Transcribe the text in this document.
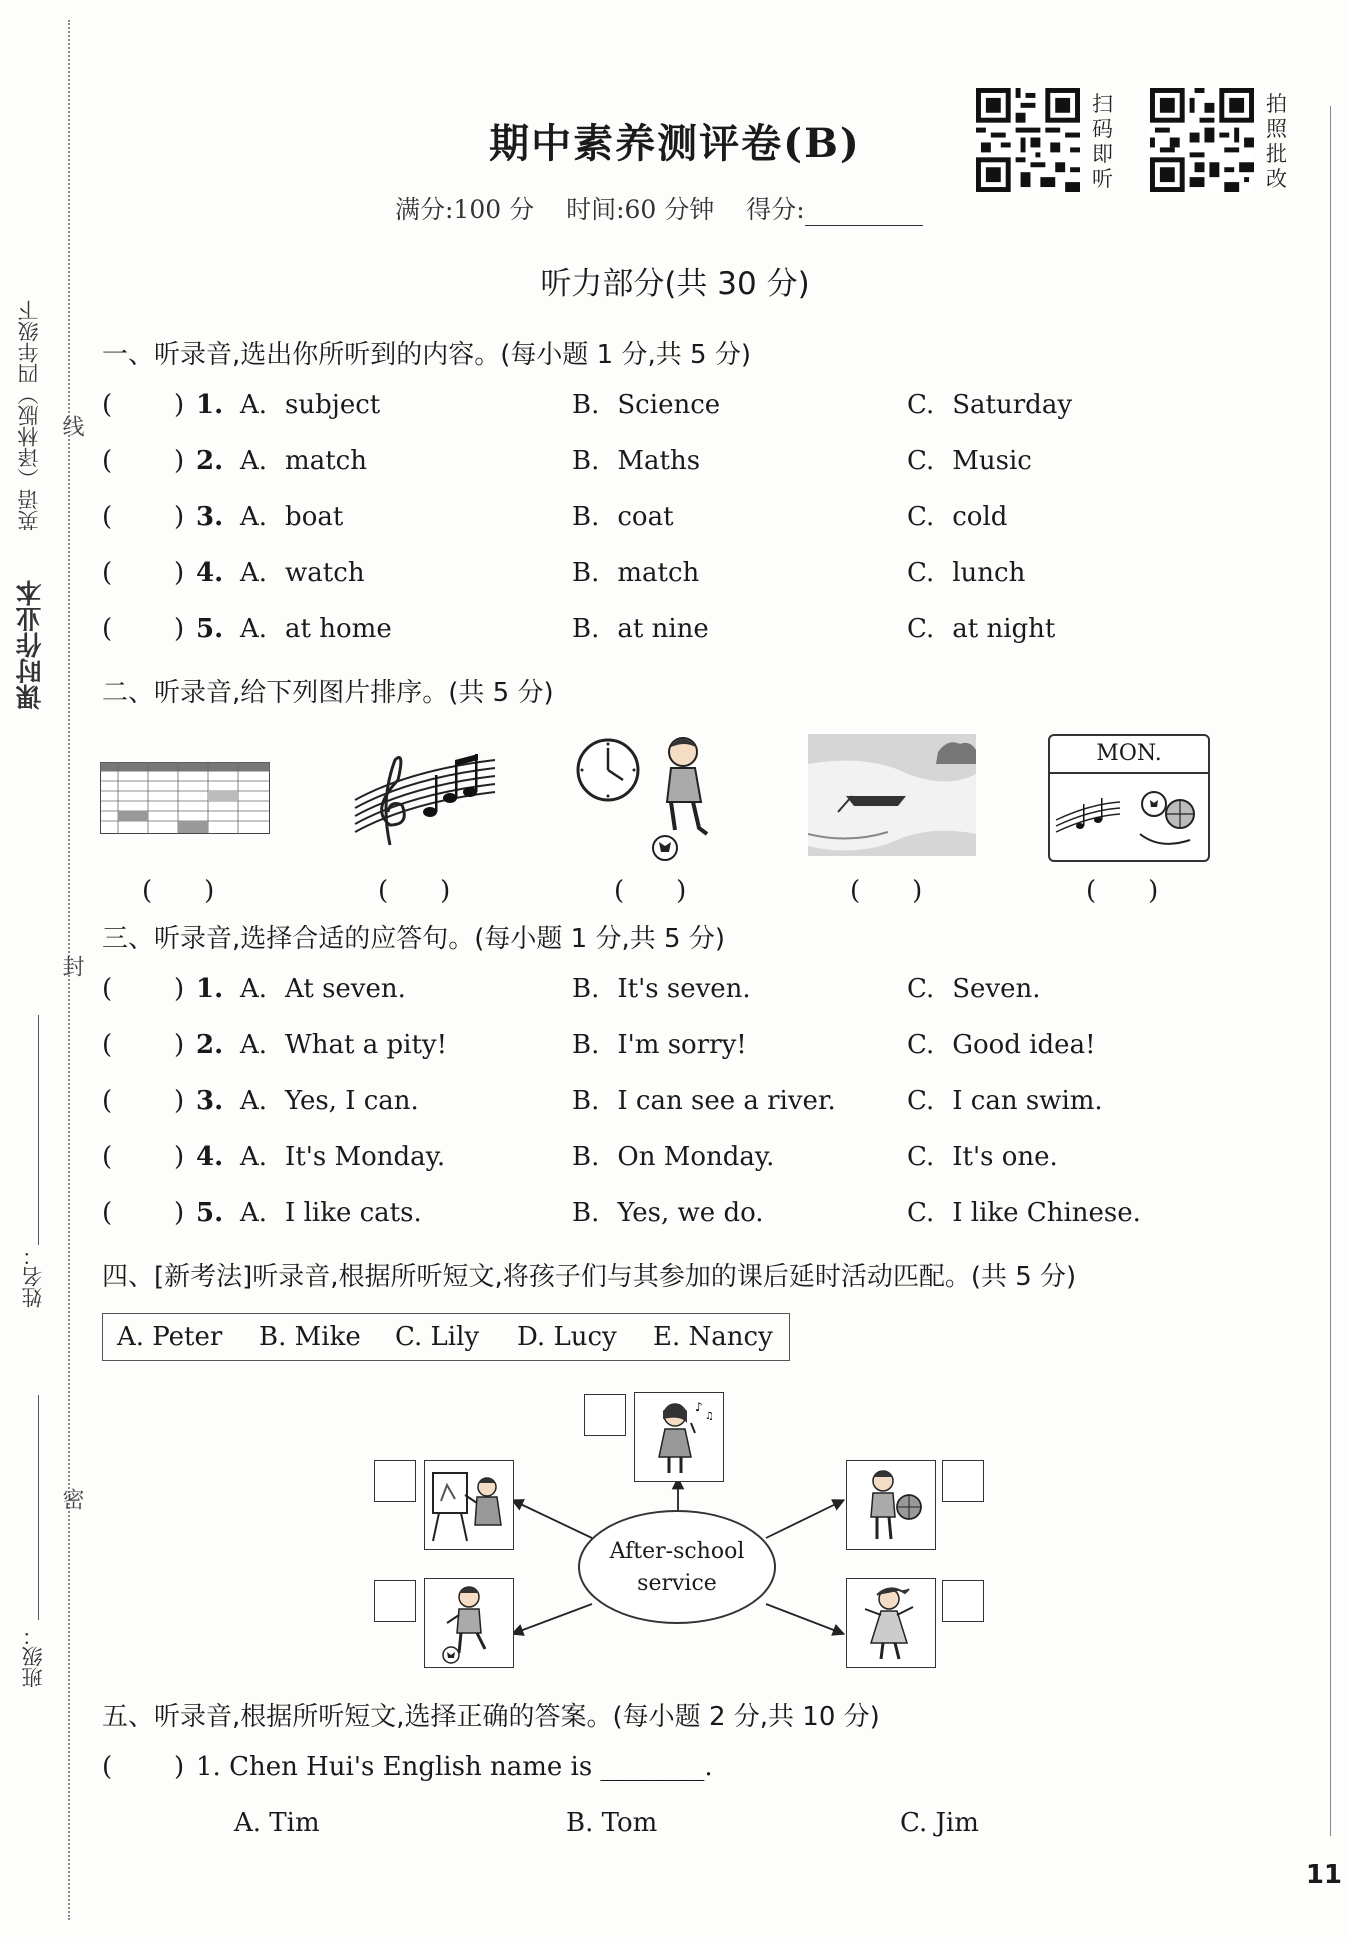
课时作业本
英语（译林版）四年级下 线
封
密
姓名：
班级：
期中素养测评卷(B)
满分:100 分 时间:60 分钟 得分:
扫码即听
拍照批改
听力部分(共 30 分)
一、听录音,选出你所听到的内容。(每小题 1 分,共 5 分)
( ) 1. A. subject	B. Science	C. Saturday
( ) 2. A. match	B. Maths	C. Music
( ) 3. A. boat	B. coat	C. cold
( ) 4. A. watch	B. match	C. lunch
( ) 5. A. at home	B. at nine	C. at night
二、听录音,给下列图片排序。(共 5 分)
MON.
( )	( )	( )	( )	( )
三、听录音,选择合适的应答句。(每小题 1 分,共 5 分)
( ) 1. A. At seven.	B. It's seven.	C. Seven.
( ) 2. A. What a pity!	B. I'm sorry!	C. Good idea!
( ) 3. A. Yes, I can.	B. I can see a river.	C. I can swim.
( ) 4. A. It's Monday.	B. On Monday.	C. It's one.
( ) 5. A. I like cats.	B. Yes, we do.	C. I like Chinese.
四、[新考法]听录音,根据所听短文,将孩子们与其参加的课后延时活动匹配。(共 5 分)
A. Peter B. Mike C. Lily D. Lucy E. Nancy
After-school
service
♪
♫
五、听录音,根据所听短文,选择正确的答案。(每小题 2 分,共 10 分)
( ) 1. Chen Hui's English name is ________.
A. Tim	B. Tom	C. Jim
11
